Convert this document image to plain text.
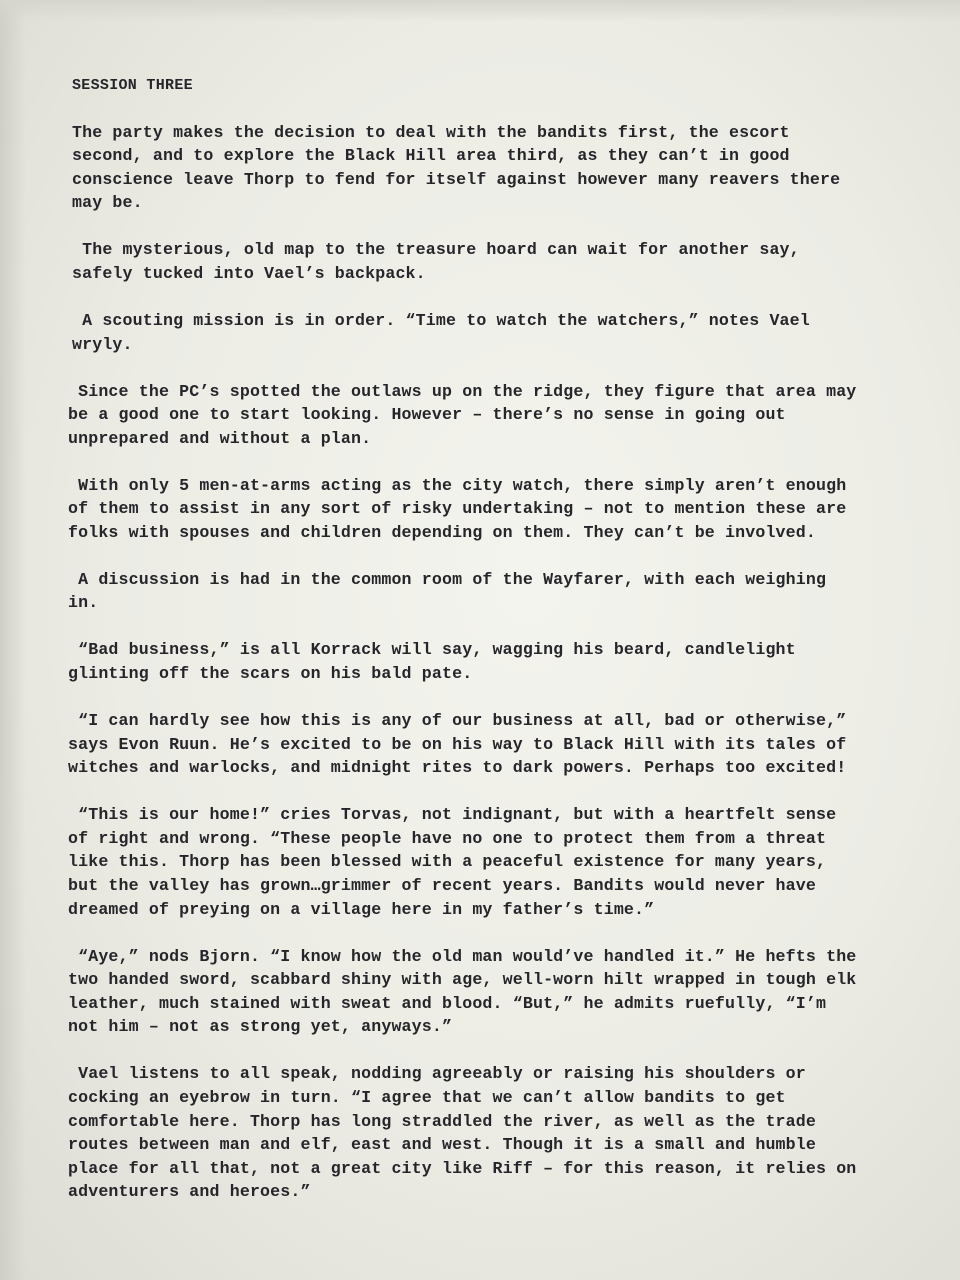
SESSION THREE
The party makes the decision to deal with the bandits first, the escort
second, and to explore the Black Hill area third, as they can’t in good
conscience leave Thorp to fend for itself against however many reavers there
may be.
The mysterious, old map to the treasure hoard can wait for another say,
safely tucked into Vael’s backpack.
A scouting mission is in order. “Time to watch the watchers,” notes Vael
wryly.
Since the PC’s spotted the outlaws up on the ridge, they figure that area may
be a good one to start looking. However – there’s no sense in going out
unprepared and without a plan.
With only 5 men-at-arms acting as the city watch, there simply aren’t enough
of them to assist in any sort of risky undertaking – not to mention these are
folks with spouses and children depending on them. They can’t be involved.
A discussion is had in the common room of the Wayfarer, with each weighing
in.
“Bad business,” is all Korrack will say, wagging his beard, candlelight
glinting off the scars on his bald pate.
“I can hardly see how this is any of our business at all, bad or otherwise,”
says Evon Ruun. He’s excited to be on his way to Black Hill with its tales of
witches and warlocks, and midnight rites to dark powers. Perhaps too excited!
“This is our home!” cries Torvas, not indignant, but with a heartfelt sense
of right and wrong. “These people have no one to protect them from a threat
like this. Thorp has been blessed with a peaceful existence for many years,
but the valley has grown…grimmer of recent years. Bandits would never have
dreamed of preying on a village here in my father’s time.”
“Aye,” nods Bjorn. “I know how the old man would’ve handled it.” He hefts the
two handed sword, scabbard shiny with age, well-worn hilt wrapped in tough elk
leather, much stained with sweat and blood. “But,” he admits ruefully, “I’m
not him – not as strong yet, anyways.”
Vael listens to all speak, nodding agreeably or raising his shoulders or
cocking an eyebrow in turn. “I agree that we can’t allow bandits to get
comfortable here. Thorp has long straddled the river, as well as the trade
routes between man and elf, east and west. Though it is a small and humble
place for all that, not a great city like Riff – for this reason, it relies on
adventurers and heroes.”
